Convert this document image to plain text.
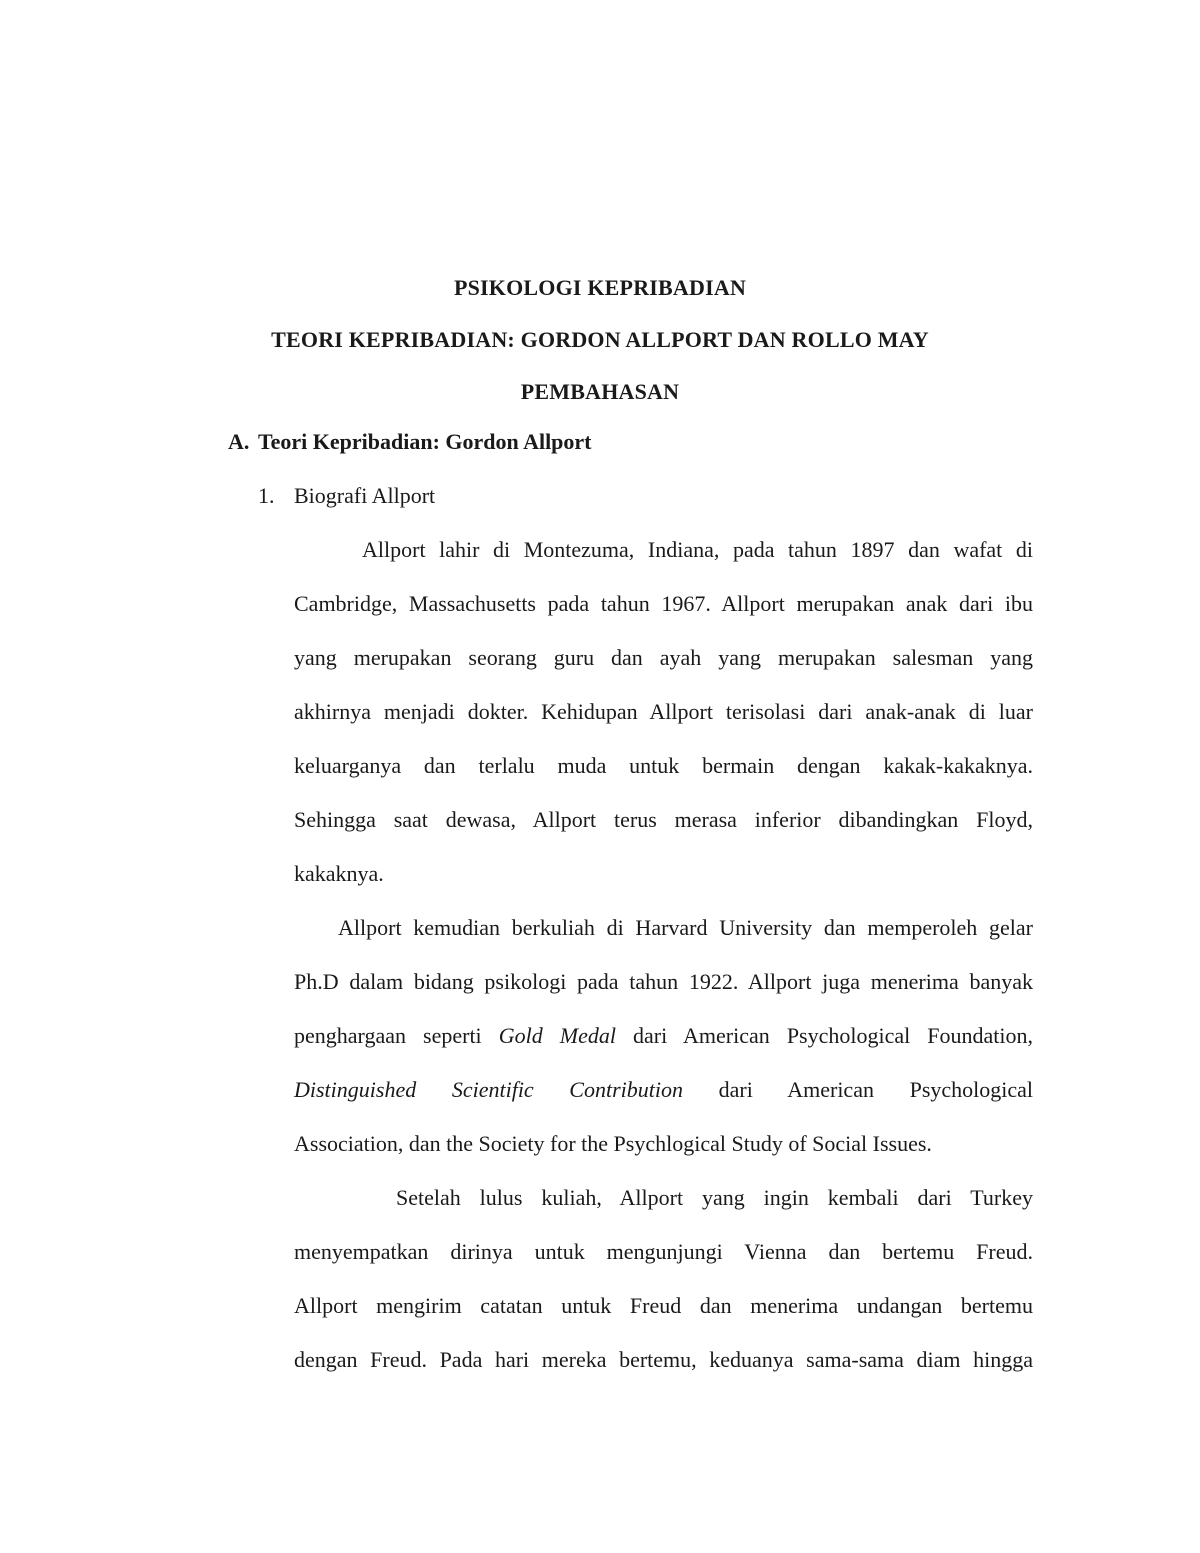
PSIKOLOGI KEPRIBADIAN

TEORI KEPRIBADIAN: GORDON ALLPORT DAN ROLLO MAY

PEMBAHASAN

A. Teori Kepribadian: Gordon Allport

1. Biografi Allport

Allport lahir di Montezuma, Indiana, pada tahun 1897 dan wafat di

Cambridge, Massachusetts pada tahun 1967. Allport merupakan anak dari ibu

yang merupakan seorang guru dan ayah yang merupakan salesman yang

akhirnya menjadi dokter. Kehidupan Allport terisolasi dari anak-anak di luar

keluarganya dan terlalu muda untuk bermain dengan kakak-kakaknya.

Sehingga saat dewasa, Allport terus merasa inferior dibandingkan Floyd,

kakaknya.

Allport kemudian berkuliah di Harvard University dan memperoleh gelar

Ph.D dalam bidang psikologi pada tahun 1922. Allport juga menerima banyak

penghargaan seperti Gold Medal dari American Psychological Foundation,

Distinguished Scientific Contribution dari American Psychological

Association, dan the Society for the Psychlogical Study of Social Issues.

Setelah lulus kuliah, Allport yang ingin kembali dari Turkey

menyempatkan dirinya untuk mengunjungi Vienna dan bertemu Freud.

Allport mengirim catatan untuk Freud dan menerima undangan bertemu

dengan Freud. Pada hari mereka bertemu, keduanya sama-sama diam hingga
